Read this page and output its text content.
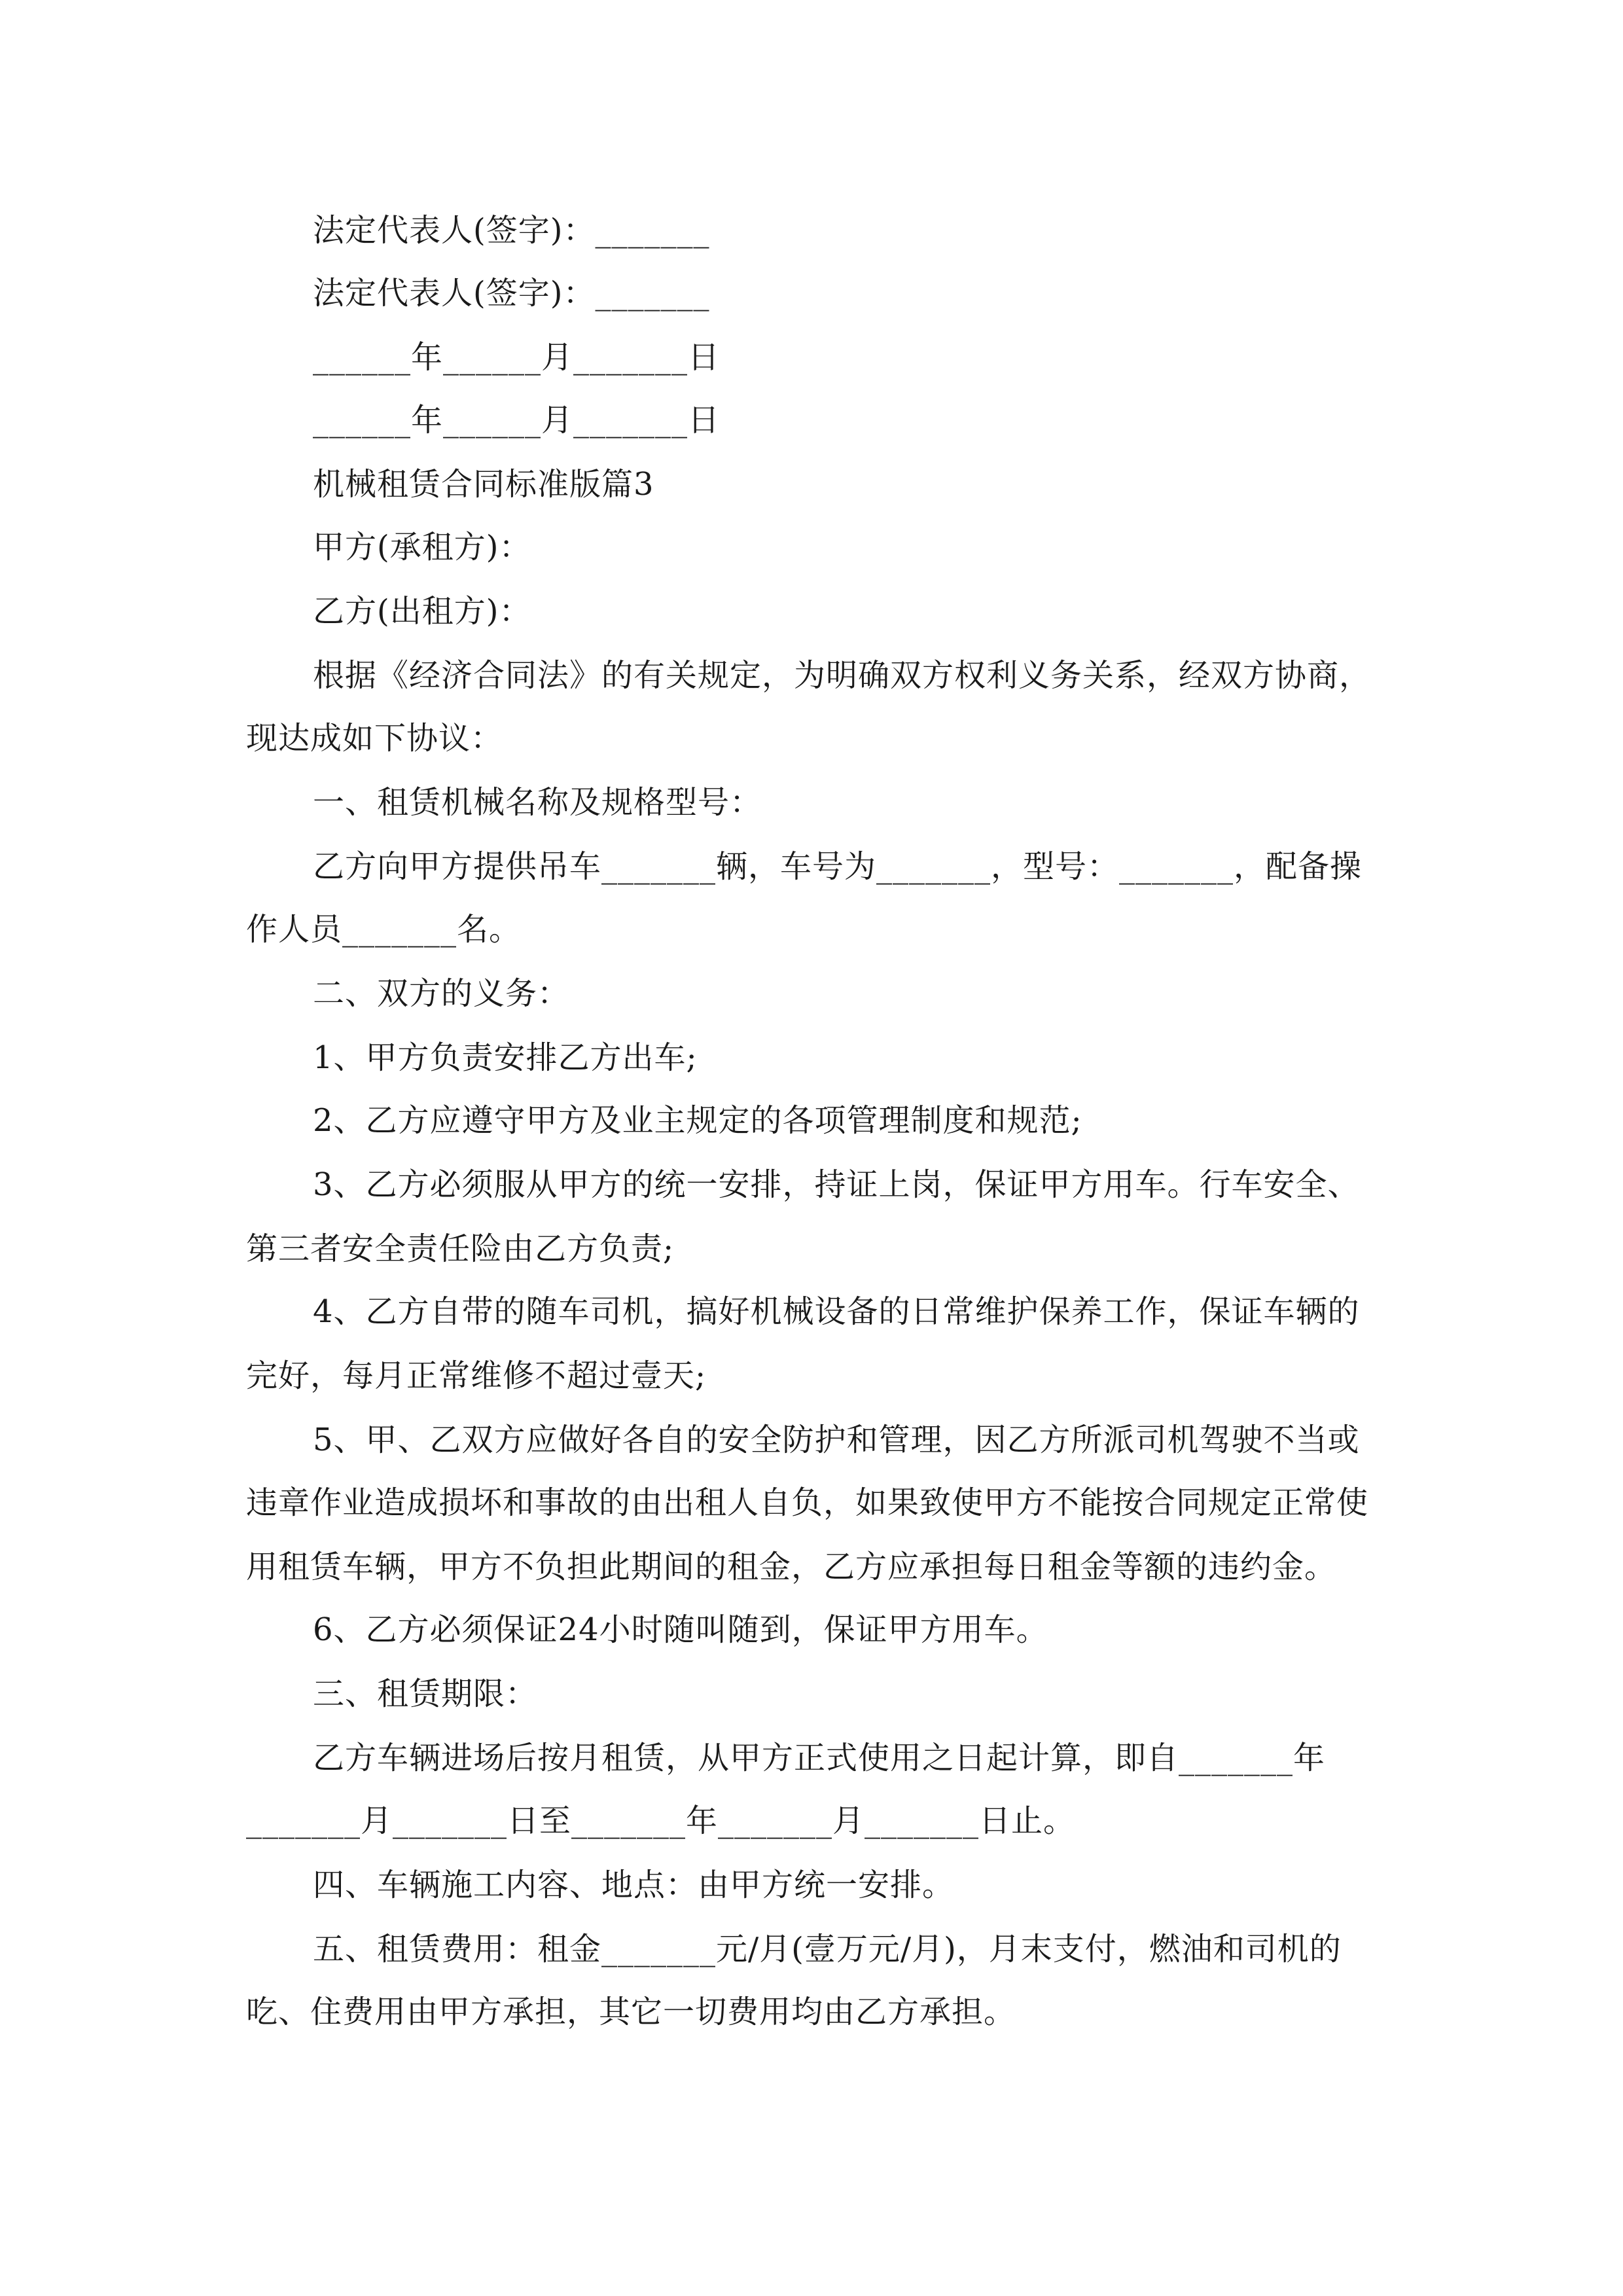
法定代表人(签字)：_______
法定代表人(签字)：_______
______年______月_______日
______年______月_______日
机械租赁合同标准版篇3
甲方(承租方)：
乙方(出租方)：
根据《经济合同法》的有关规定，为明确双方权利义务关系，经双方协商，
现达成如下协议：
一、租赁机械名称及规格型号：
乙方向甲方提供吊车_______辆，车号为_______，型号：_______，配备操
作人员_______名。
二、双方的义务：
1、甲方负责安排乙方出车;
2、乙方应遵守甲方及业主规定的各项管理制度和规范;
3、乙方必须服从甲方的统一安排，持证上岗，保证甲方用车。行车安全、
第三者安全责任险由乙方负责;
4、乙方自带的随车司机，搞好机械设备的日常维护保养工作，保证车辆的
完好，每月正常维修不超过壹天;
5、甲、乙双方应做好各自的安全防护和管理，因乙方所派司机驾驶不当或
违章作业造成损坏和事故的由出租人自负，如果致使甲方不能按合同规定正常使
用租赁车辆，甲方不负担此期间的租金，乙方应承担每日租金等额的违约金。
6、乙方必须保证24小时随叫随到，保证甲方用车。
三、租赁期限：
乙方车辆进场后按月租赁，从甲方正式使用之日起计算，即自_______年
_______月_______日至_______年_______月_______日止。
四、车辆施工内容、地点：由甲方统一安排。
五、租赁费用：租金_______元/月(壹万元/月)，月末支付，燃油和司机的
吃、住费用由甲方承担，其它一切费用均由乙方承担。
